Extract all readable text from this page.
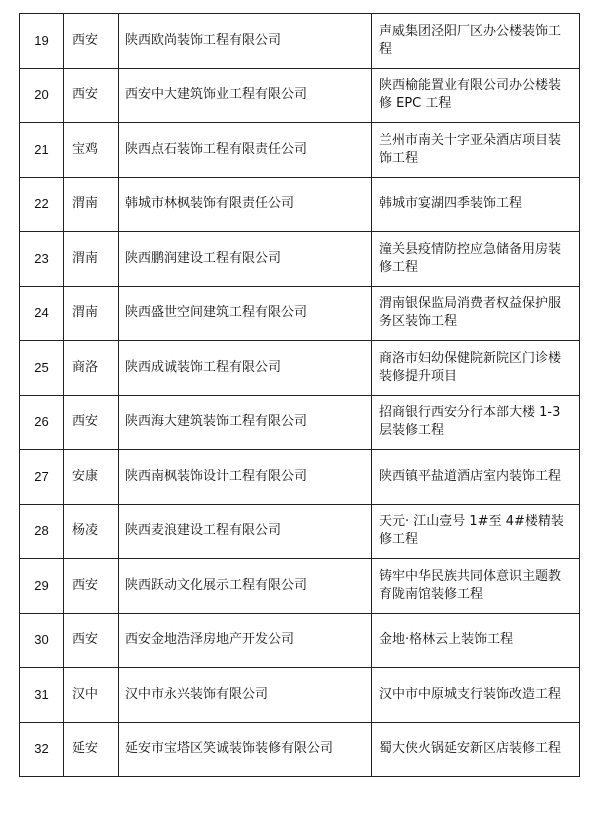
19	西安	陕西欧尚装饰工程有限公司	声威集团泾阳厂区办公楼装饰工程
20	西安	西安中大建筑饰业工程有限公司	陕西榆能置业有限公司办公楼装修 EPC 工程
21	宝鸡	陕西点石装饰工程有限责任公司	兰州市南关十字亚朵酒店项目装饰工程
22	渭南	韩城市林枫装饰有限责任公司	韩城市宴湖四季装饰工程
23	渭南	陕西鹏润建设工程有限公司	潼关县疫情防控应急储备用房装修工程
24	渭南	陕西盛世空间建筑工程有限公司	渭南银保监局消费者权益保护服务区装饰工程
25	商洛	陕西成诚装饰工程有限公司	商洛市妇幼保健院新院区门诊楼装修提升项目
26	西安	陕西海大建筑装饰工程有限公司	招商银行西安分行本部大楼 1-3 层装修工程
27	安康	陕西南枫装饰设计工程有限公司	陕西镇平盐道酒店室内装饰工程
28	杨凌	陕西麦浪建设工程有限公司	天元· 江山壹号 1#至 4#楼精装修工程
29	西安	陕西跃动文化展示工程有限公司	铸牢中华民族共同体意识主题教育陇南馆装修工程
30	西安	西安金地浩泽房地产开发公司	金地·格林云上装饰工程
31	汉中	汉中市永兴装饰有限公司	汉中市中原城支行装饰改造工程
32	延安	延安市宝塔区笑诚装饰装修有限公司	蜀大侠火锅延安新区店装修工程
